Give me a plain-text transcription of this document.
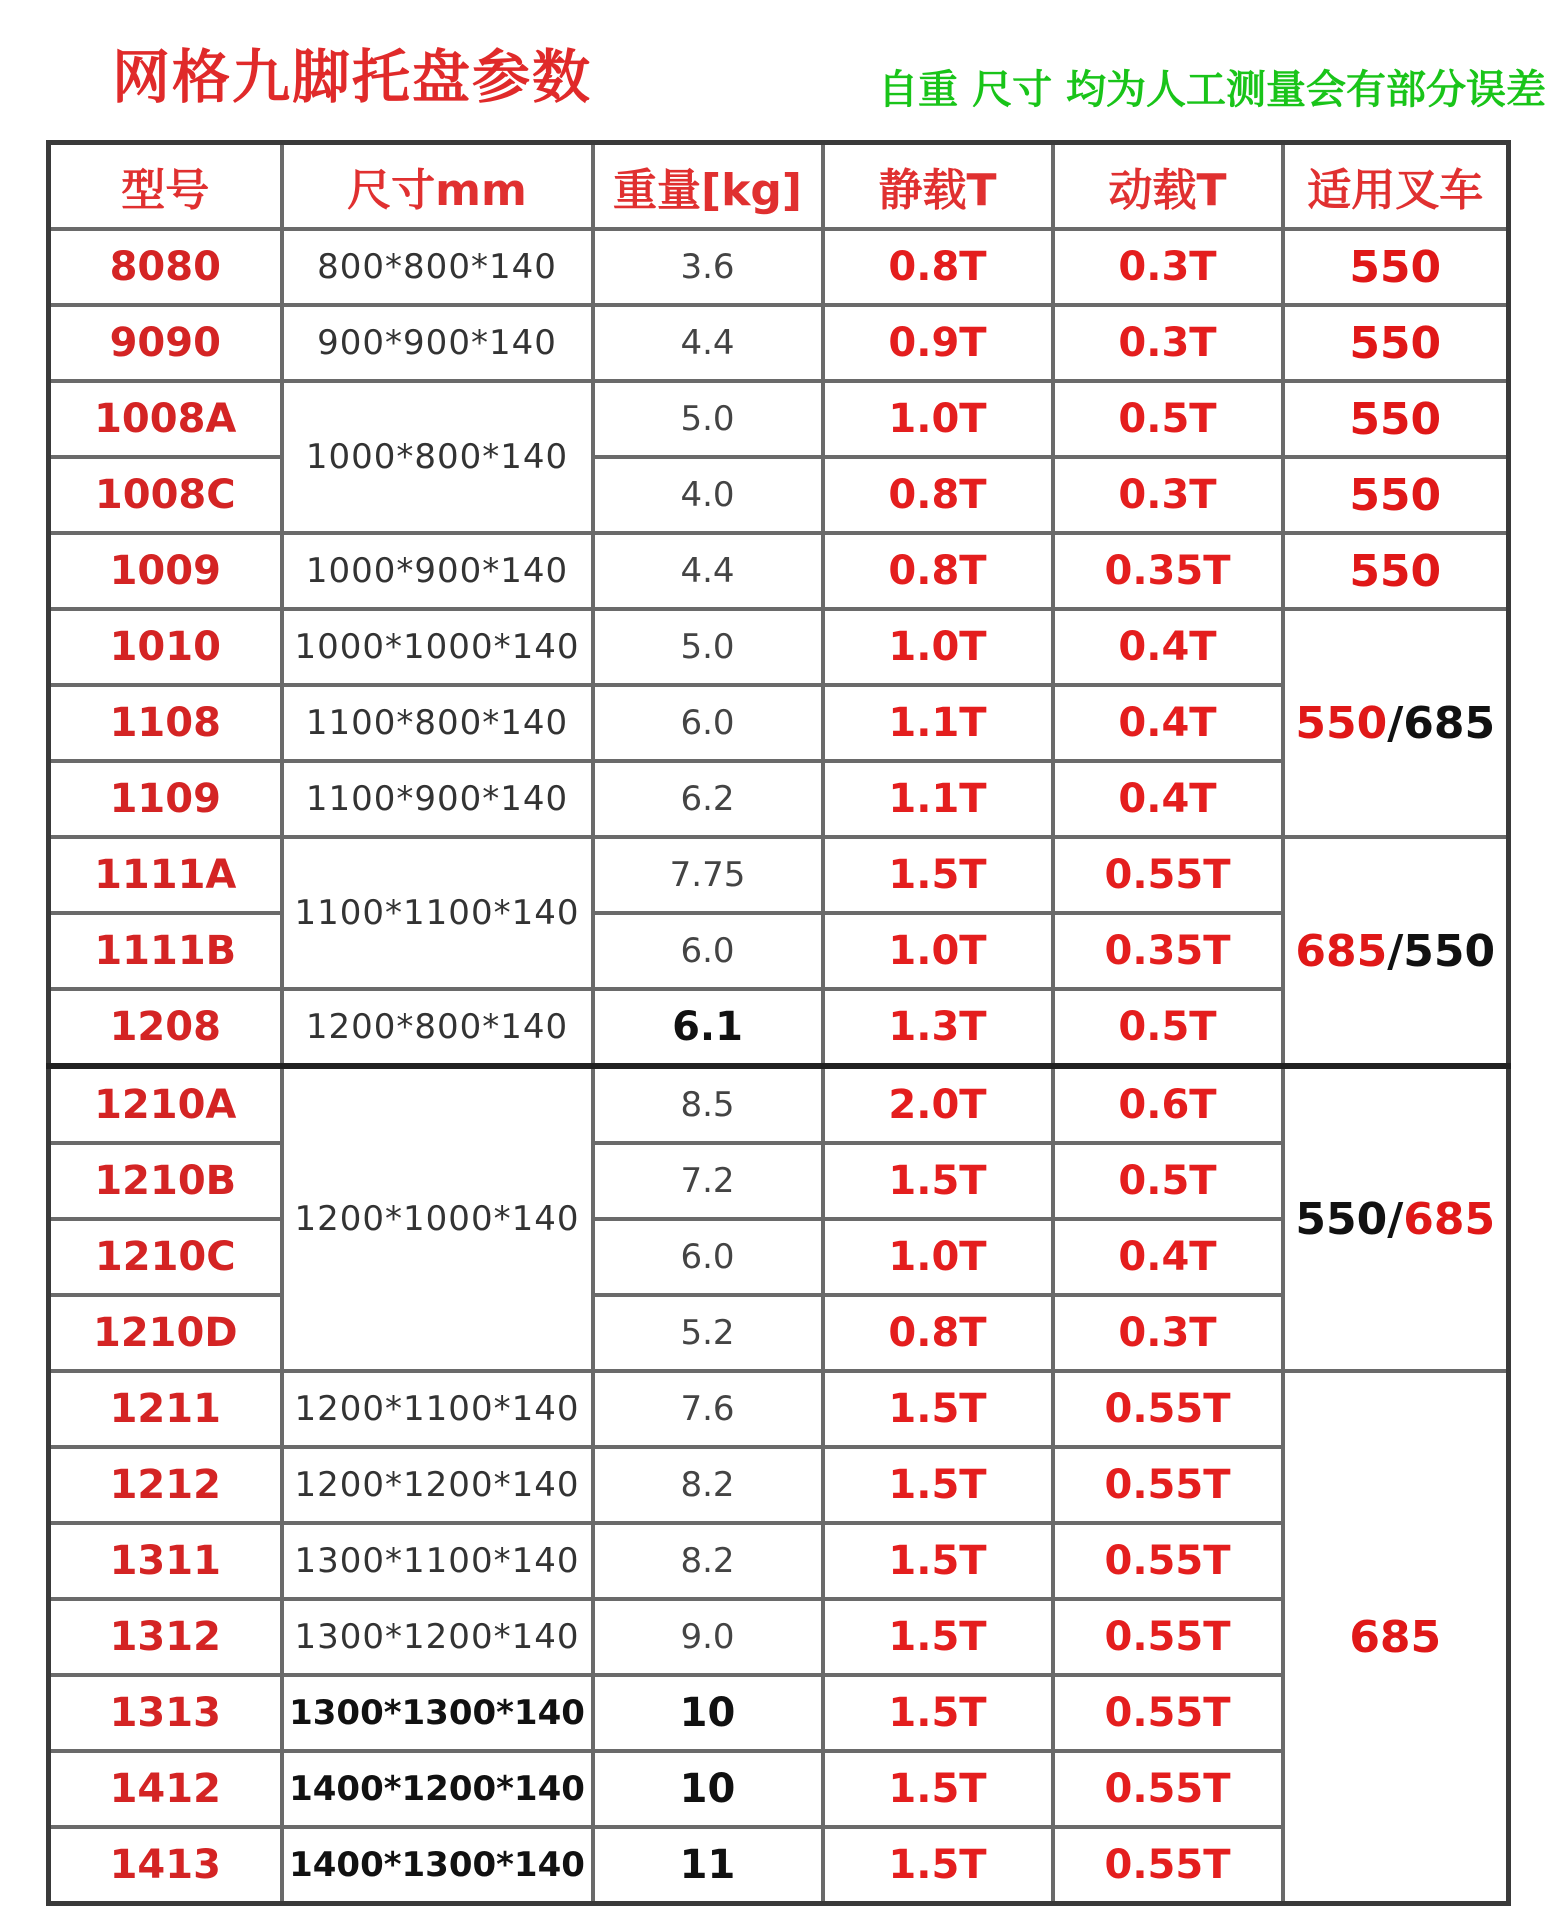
网格九脚托盘参数	自重 尺寸 均为人工测量会有部分误差
型号	尺寸mm	重量[kg]	静载T	动载T	适用叉车
8080	800*800*140	3.6	0.8T	0.3T	550
9090	900*900*140	4.4	0.9T	0.3T	550
1008A	1000*800*140	5.0	1.0T	0.5T	550
1008C		4.0	0.8T	0.3T	550
1009	1000*900*140	4.4	0.8T	0.35T	550
1010	1000*1000*140	5.0	1.0T	0.4T	550/685
1108	1100*800*140	6.0	1.1T	0.4T	
1109	1100*900*140	6.2	1.1T	0.4T	
1111A	1100*1100*140	7.75	1.5T	0.55T	685/550
1111B		6.0	1.0T	0.35T	
1208	1200*800*140	6.1	1.3T	0.5T	
1210A	1200*1000*140	8.5	2.0T	0.6T	550/685
1210B		7.2	1.5T	0.5T	
1210C		6.0	1.0T	0.4T	
1210D		5.2	0.8T	0.3T	
1211	1200*1100*140	7.6	1.5T	0.55T	685
1212	1200*1200*140	8.2	1.5T	0.55T	
1311	1300*1100*140	8.2	1.5T	0.55T	
1312	1300*1200*140	9.0	1.5T	0.55T	
1313	1300*1300*140	10	1.5T	0.55T	
1412	1400*1200*140	10	1.5T	0.55T	
1413	1400*1300*140	11	1.5T	0.55T	
